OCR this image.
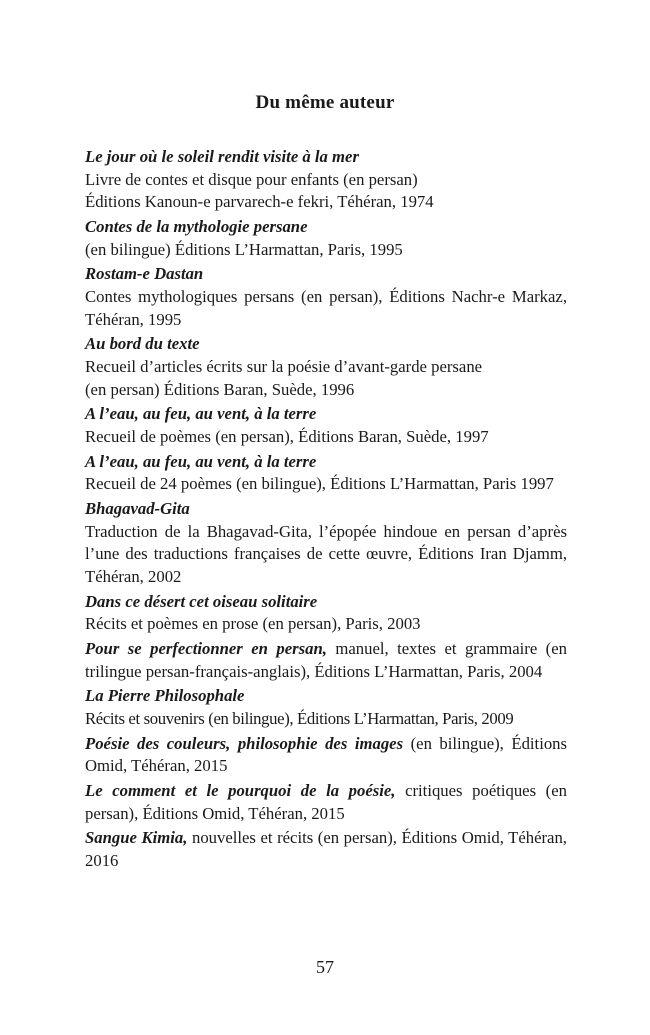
Du même auteur

Le jour où le soleil rendit visite à la mer
Livre de contes et disque pour enfants (en persan)
Éditions Kanoun-e parvarech-e fekri, Téhéran, 1974

Contes de la mythologie persane
(en bilingue) Éditions L’Harmattan, Paris, 1995

Rostam-e Dastan
Contes mythologiques persans (en persan), Éditions Nachr-e Markaz, Téhéran, 1995

Au bord du texte
Recueil d’articles écrits sur la poésie d’avant-garde persane
(en persan) Éditions Baran, Suède, 1996

A l’eau, au feu, au vent, à la terre
Recueil de poèmes (en persan), Éditions Baran, Suède, 1997

A l’eau, au feu, au vent, à la terre
Recueil de 24 poèmes (en bilingue), Éditions L’Harmattan, Paris 1997

Bhagavad-Gita
Traduction de la Bhagavad-Gita, l’épopée hindoue en persan d’après l’une des traductions françaises de cette œuvre, Éditions Iran Djamm, Téhéran, 2002

Dans ce désert cet oiseau solitaire
Récits et poèmes en prose (en persan), Paris, 2003

Pour se perfectionner en persan, manuel, textes et grammaire (en trilingue persan-français-anglais), Éditions L’Harmattan, Paris, 2004

La Pierre Philosophale
Récits et souvenirs (en bilingue), Éditions L’Harmattan, Paris, 2009

Poésie des couleurs, philosophie des images (en bilingue), Éditions Omid, Téhéran, 2015

Le comment et le pourquoi de la poésie, critiques poétiques (en persan), Éditions Omid, Téhéran, 2015

Sangue Kimia, nouvelles et récits (en persan), Éditions Omid, Téhéran, 2016

57
